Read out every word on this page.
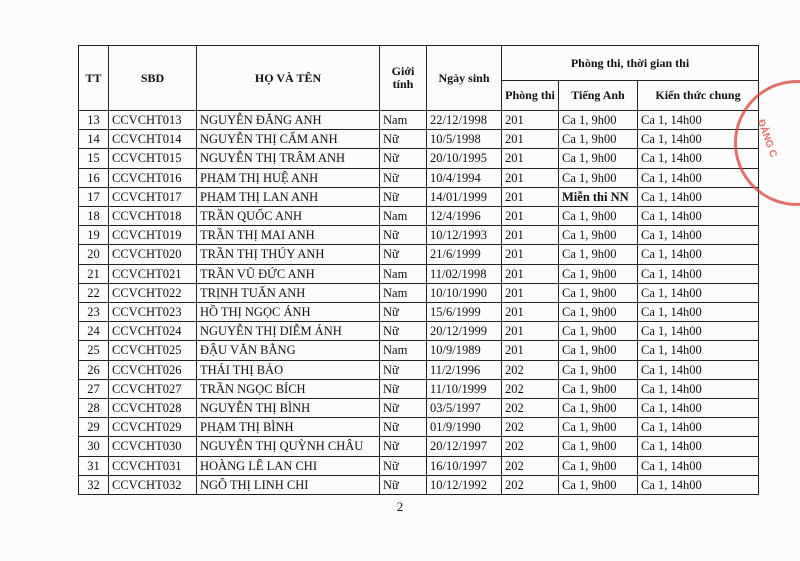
TT	SBD	HỌ VÀ TÊN	Giới tính	Ngày sinh	Phòng thi, thời gian thi		
					Phòng thi	Tiếng Anh	Kiến thức chung
13	CCVCHT013	NGUYỄN ĐĂNG ANH	Nam	22/12/1998	201	Ca 1, 9h00	Ca 1, 14h00
14	CCVCHT014	NGUYỄN THỊ CẨM ANH	Nữ	10/5/1998	201	Ca 1, 9h00	Ca 1, 14h00
15	CCVCHT015	NGUYỄN THỊ TRÂM ANH	Nữ	20/10/1995	201	Ca 1, 9h00	Ca 1, 14h00
16	CCVCHT016	PHẠM THỊ HUỆ ANH	Nữ	10/4/1994	201	Ca 1, 9h00	Ca 1, 14h00
17	CCVCHT017	PHẠM THỊ LAN ANH	Nữ	14/01/1999	201	Miễn thi NN	Ca 1, 14h00
18	CCVCHT018	TRẦN QUỐC ANH	Nam	12/4/1996	201	Ca 1, 9h00	Ca 1, 14h00
19	CCVCHT019	TRẦN THỊ MAI ANH	Nữ	10/12/1993	201	Ca 1, 9h00	Ca 1, 14h00
20	CCVCHT020	TRẦN THỊ THÚY ANH	Nữ	21/6/1999	201	Ca 1, 9h00	Ca 1, 14h00
21	CCVCHT021	TRẦN VŨ ĐỨC ANH	Nam	11/02/1998	201	Ca 1, 9h00	Ca 1, 14h00
22	CCVCHT022	TRỊNH TUẤN ANH	Nam	10/10/1990	201	Ca 1, 9h00	Ca 1, 14h00
23	CCVCHT023	HỒ THỊ NGỌC ÁNH	Nữ	15/6/1999	201	Ca 1, 9h00	Ca 1, 14h00
24	CCVCHT024	NGUYỄN THỊ DIỄM ÁNH	Nữ	20/12/1999	201	Ca 1, 9h00	Ca 1, 14h00
25	CCVCHT025	ĐẬU VĂN BẰNG	Nam	10/9/1989	201	Ca 1, 9h00	Ca 1, 14h00
26	CCVCHT026	THÁI THỊ BẢO	Nữ	11/2/1996	202	Ca 1, 9h00	Ca 1, 14h00
27	CCVCHT027	TRẦN NGỌC BÍCH	Nữ	11/10/1999	202	Ca 1, 9h00	Ca 1, 14h00
28	CCVCHT028	NGUYỄN THỊ BÌNH	Nữ	03/5/1997	202	Ca 1, 9h00	Ca 1, 14h00
29	CCVCHT029	PHẠM THỊ BÌNH	Nữ	01/9/1990	202	Ca 1, 9h00	Ca 1, 14h00
30	CCVCHT030	NGUYỄN THỊ QUỲNH CHÂU	Nữ	20/12/1997	202	Ca 1, 9h00	Ca 1, 14h00
31	CCVCHT031	HOÀNG LÊ LAN CHI	Nữ	16/10/1997	202	Ca 1, 9h00	Ca 1, 14h00
32	CCVCHT032	NGÔ THỊ LINH CHI	Nữ	10/12/1992	202	Ca 1, 9h00	Ca 1, 14h00
2
ĐẢNG C
